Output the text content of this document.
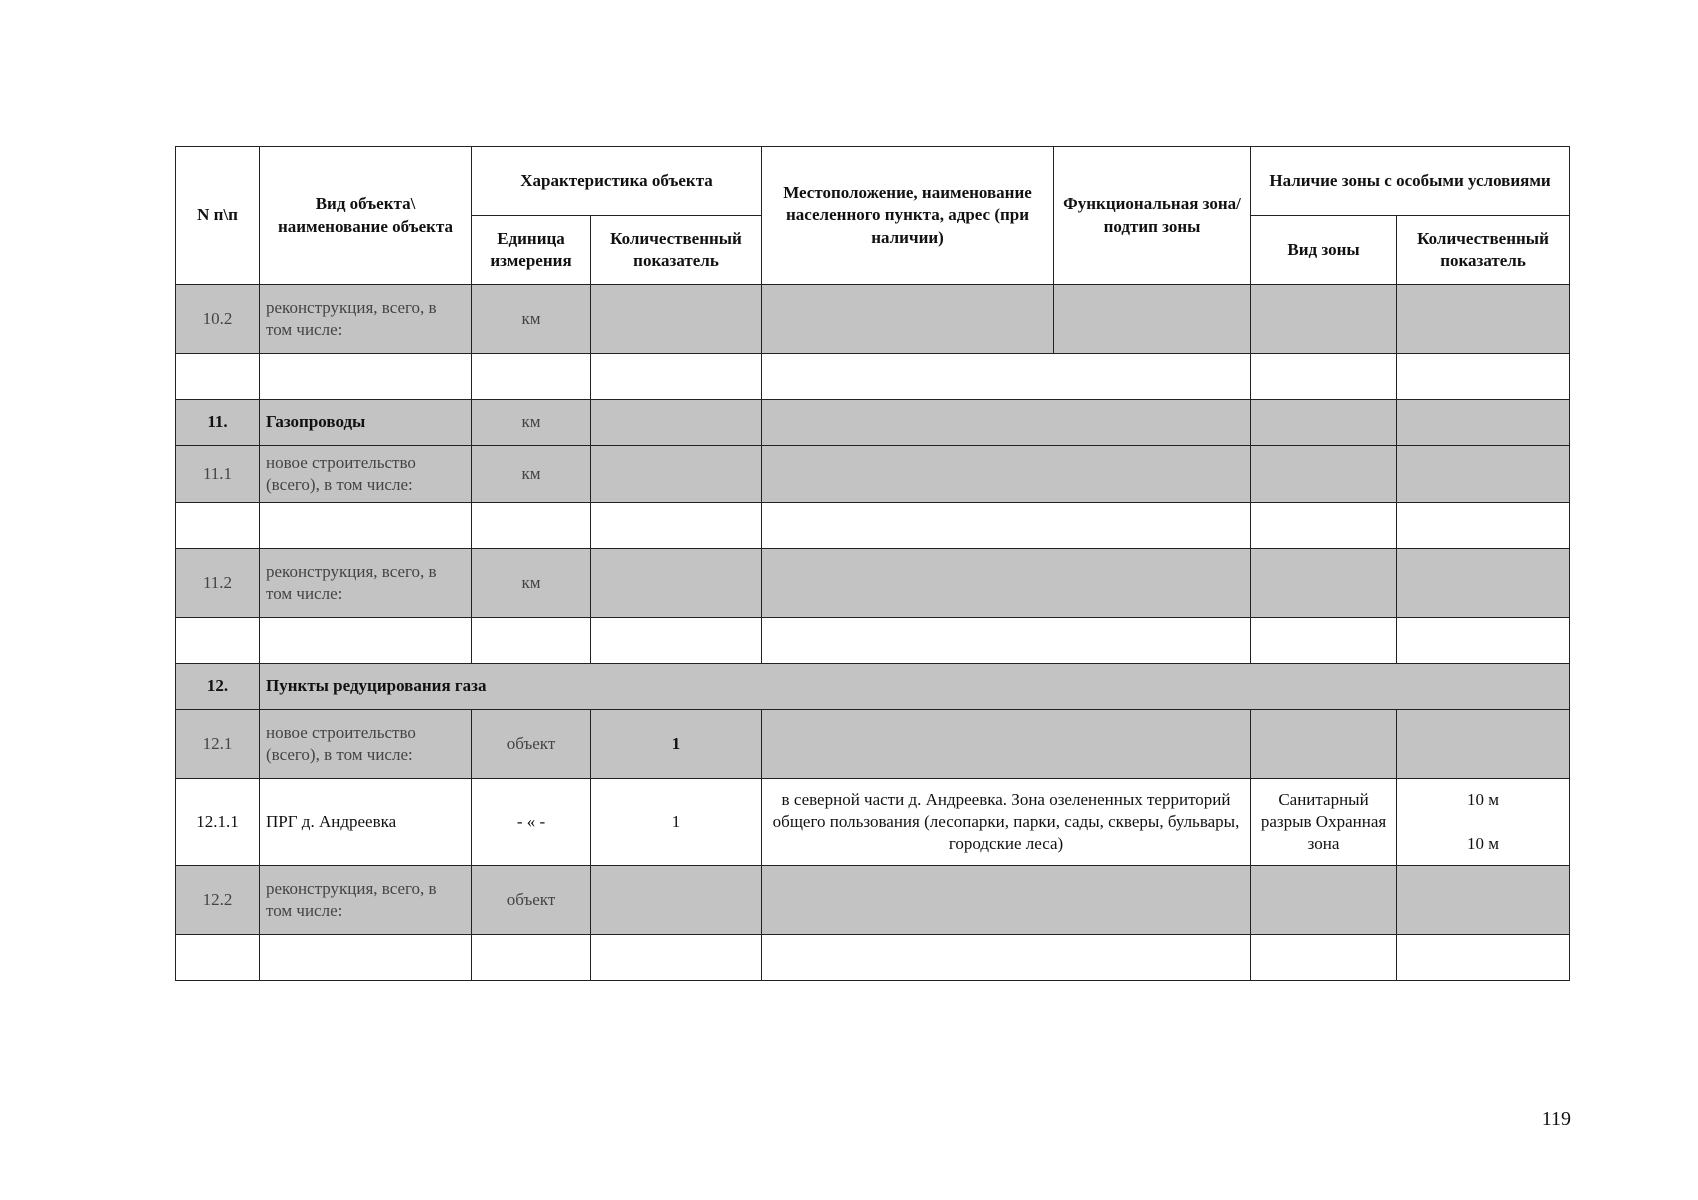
N п\п	Вид объекта\ наименование объекта	Характеристика объекта		Местоположение, наименование населенного пункта, адрес (при наличии)	Функциональная зона/ подтип зоны	Наличие зоны с особыми условиями	
		Единица измерения	Количественный показатель			Вид зоны	Количественный показатель
10.2	реконструкция, всего, в том числе:	км					

11.	Газопроводы	км					
11.1	новое строительство (всего), в том числе:	км					

11.2	реконструкция, всего, в том числе:	км					

12.	Пункты редуцирования газа						
12.1	новое строительство (всего), в том числе:	объект	1				
12.1.1	ПРГ д. Андреевка	- « -	1	в северной части д. Андреевка. Зона озелененных территорий общего пользования (лесопарки, парки, сады, скверы, бульвары, городские леса)		Санитарный разрыв Охранная зона	10 м
10 м

12.2	реконструкция, всего, в том числе:	объект					

119
